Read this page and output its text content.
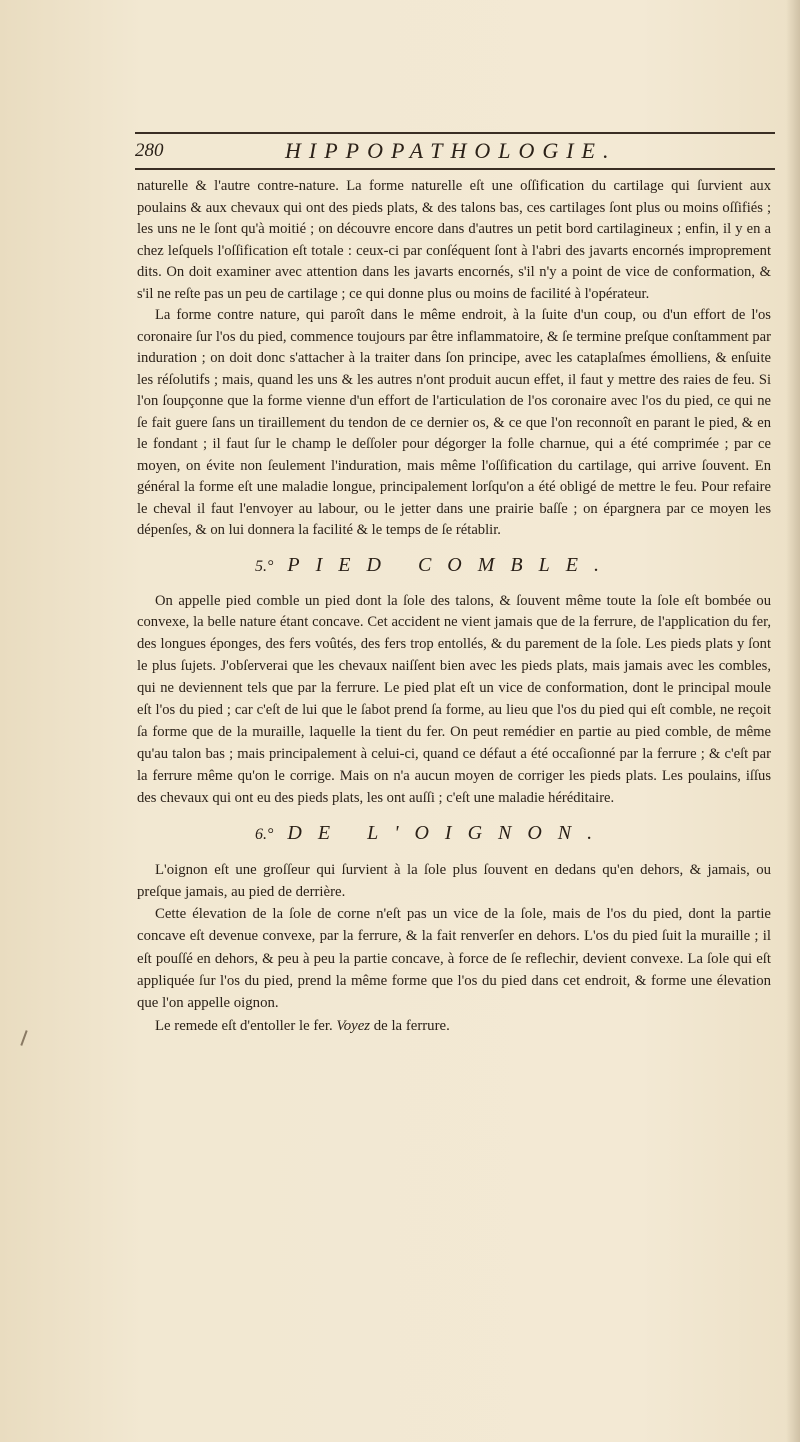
280	HIPPOPATHOLOGIE.

naturelle & l'autre contre-nature. La forme naturelle eſt une oſſification du cartilage qui ſurvient aux poulains & aux chevaux qui ont des pieds plats, & des talons bas, ces cartilages ſont plus ou moins oſſifiés ; les uns ne le ſont qu'à moitié ; on découvre encore dans d'autres un petit bord cartilagineux ; enfin, il y en a chez leſquels l'oſſification eſt totale : ceux-ci par conſéquent ſont à l'abri des javarts encornés improprement dits. On doit examiner avec attention dans les javarts encornés, s'il n'y a point de vice de conformation, & s'il ne reſte pas un peu de cartilage ; ce qui donne plus ou moins de facilité à l'opérateur.

La forme contre nature, qui paroît dans le même endroit, à la ſuite d'un coup, ou d'un effort de l'os coronaire ſur l'os du pied, commence toujours par être inflammatoire, & ſe termine preſque conſtamment par induration ; on doit donc s'attacher à la traiter dans ſon principe, avec les cataplaſmes émolliens, & enſuite les réſolutifs ; mais, quand les uns & les autres n'ont produit aucun effet, il faut y mettre des raies de feu. Si l'on ſoupçonne que la forme vienne d'un effort de l'articulation de l'os coronaire avec l'os du pied, ce qui ne ſe fait guere ſans un tiraillement du tendon de ce dernier os, & ce que l'on reconnoît en parant le pied, & en le fondant ; il faut ſur le champ le deſſoler pour dégorger la folle charnue, qui a été comprimée ; par ce moyen, on évite non ſeulement l'induration, mais même l'oſſification du cartilage, qui arrive ſouvent. En général la forme eſt une maladie longue, principalement lorſqu'on a été obligé de mettre le feu. Pour refaire le cheval il faut l'envoyer au labour, ou le jetter dans une prairie baſſe ; on épargnera par ce moyen les dépenſes, & on lui donnera la facilité & le temps de ſe rétablir.

5.° PIED COMBLE.

On appelle pied comble un pied dont la ſole des talons, & ſouvent même toute la ſole eſt bombée ou convexe, la belle nature étant concave. Cet accident ne vient jamais que de la ferrure, de l'application du fer, des longues éponges, des fers voûtés, des fers trop entollés, & du parement de la ſole. Les pieds plats y ſont le plus ſujets. J'obſerverai que les chevaux naiſſent bien avec les pieds plats, mais jamais avec les combles, qui ne deviennent tels que par la ferrure. Le pied plat eſt un vice de conformation, dont le principal moule eſt l'os du pied ; car c'eſt de lui que le ſabot prend ſa forme, au lieu que l'os du pied qui eſt comble, ne reçoit ſa forme que de la muraille, laquelle la tient du fer. On peut remédier en partie au pied comble, de même qu'au talon bas ; mais principalement à celui-ci, quand ce défaut a été occaſionné par la ferrure ; & c'eſt par la ferrure même qu'on le corrige. Mais on n'a aucun moyen de corriger les pieds plats. Les poulains, iſſus des chevaux qui ont eu des pieds plats, les ont auſſi ; c'eſt une maladie héréditaire.

6.° DE L'OIGNON.

L'oignon eſt une groſſeur qui ſurvient à la ſole plus ſouvent en dedans qu'en dehors, & jamais, ou preſque jamais, au pied de derrière.

Cette élevation de la ſole de corne n'eſt pas un vice de la ſole, mais de l'os du pied, dont la partie concave eſt devenue convexe, par la ferrure, & la fait renverſer en dehors. L'os du pied ſuit la muraille ; il eſt pouſſé en dehors, & peu à peu la partie concave, à force de ſe reflechir, devient convexe. La ſole qui eſt appliquée ſur l'os du pied, prend la même forme que l'os du pied dans cet endroit, & forme une élevation que l'on appelle oignon.

Le remede eſt d'entoller le fer. Voyez de la ferrure.
